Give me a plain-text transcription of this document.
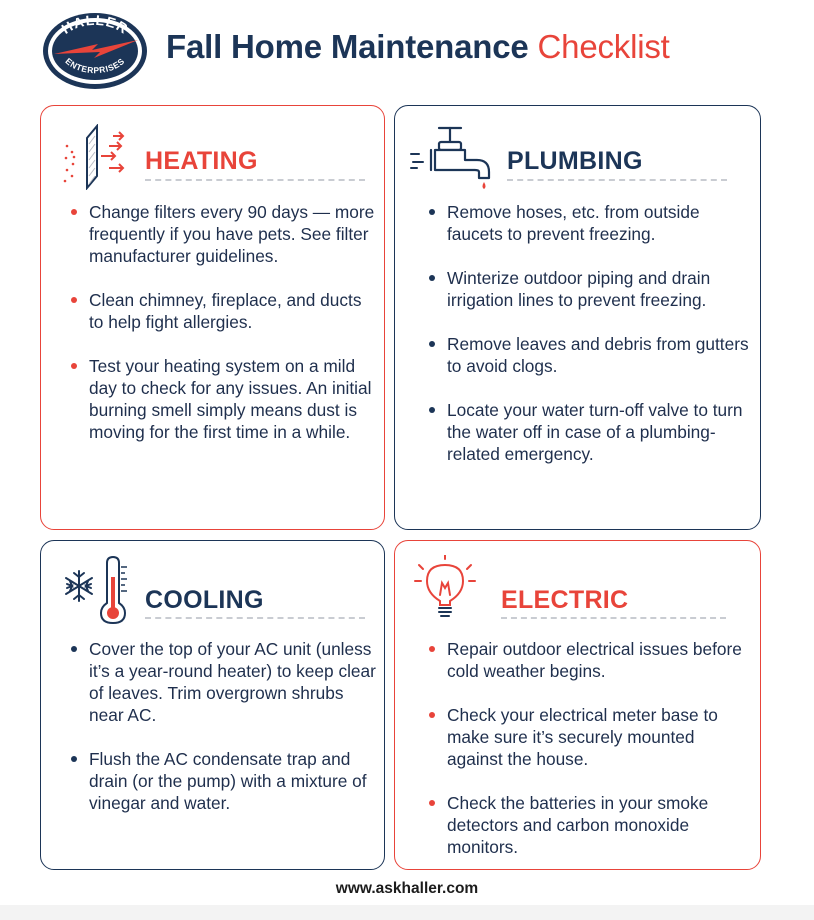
HALLER
ENTERPRISES Fall Home Maintenance Checklist
HEATING
Change filters every 90 days — more frequently if you have pets. See filter manufacturer guidelines.
Clean chimney, fireplace, and ducts to help fight allergies.
Test your heating system on a mild day to check for any issues. An initial burning smell simply means dust is moving for the first time in a while.
PLUMBING
Remove hoses, etc. from outside faucets to prevent freezing.
Winterize outdoor piping and drain irrigation lines to prevent freezing.
Remove leaves and debris from gutters to avoid clogs.
Locate your water turn-off valve to turn the water off in case of a plumbing-related emergency.
COOLING
Cover the top of your AC unit (unless it’s a year-round heater) to keep clear of leaves. Trim overgrown shrubs near AC.
Flush the AC condensate trap and drain (or the pump) with a mixture of vinegar and water.
ELECTRIC
Repair outdoor electrical issues before cold weather begins.
Check your electrical meter base to make sure it’s securely mounted against the house.
Check the batteries in your smoke detectors and carbon monoxide monitors.
www.askhaller.com
